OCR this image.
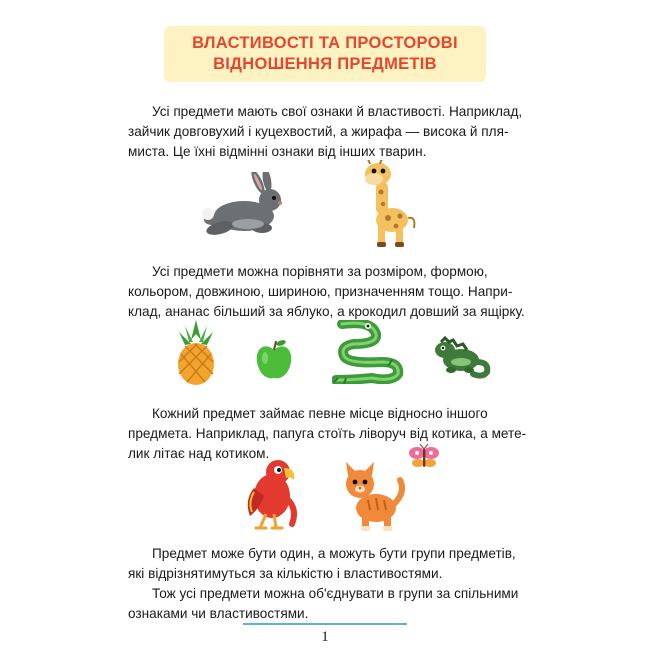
ВЛАСТИВОСТІ ТА ПРОСТОРОВІ
ВІДНОШЕННЯ ПРЕДМЕТІВ

Усі предмети мають свої ознаки й властивості. Наприклад,
зайчик довговухий і куцехвостий, а жирафа — висока й пля-
миста. Це їхні відмінні ознаки від інших тварин.

Усі предмети можна порівняти за розміром, формою,
кольором, довжиною, шириною, призначенням тощо. Напри-
клад, ананас більший за яблуко, а крокодил довший за ящірку.

Кожний предмет займає певне місце відносно іншого
предмета. Наприклад, папуга стоїть ліворуч від котика, а мете-
лик літає над котиком.

Предмет може бути один, а можуть бути групи предметів,
які відрізнятимуться за кількістю і властивостями.
Тож усі предмети можна об'єднувати в групи за спільними
ознаками чи властивостями.

1
